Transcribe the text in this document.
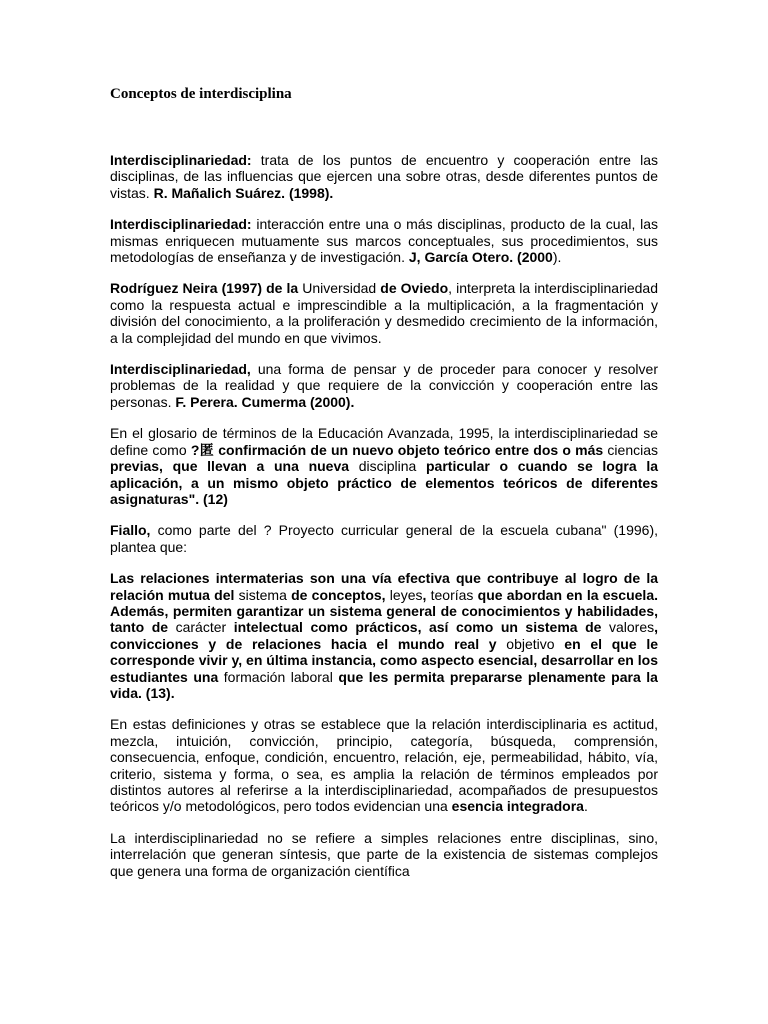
Conceptos de interdisciplina

Interdisciplinariedad: trata de los puntos de encuentro y cooperación entre las disciplinas, de las influencias que ejercen una sobre otras, desde diferentes puntos de vistas. R. Mañalich Suárez. (1998).

Interdisciplinariedad: interacción entre una o más disciplinas, producto de la cual, las mismas enriquecen mutuamente sus marcos conceptuales, sus procedimientos, sus metodologías de enseñanza y de investigación. J, García Otero. (2000).

Rodríguez Neira (1997) de la Universidad de Oviedo, interpreta la interdisciplinariedad como la respuesta actual e imprescindible a la multiplicación, a la fragmentación y división del conocimiento, a la proliferación y desmedido crecimiento de la información, a la complejidad del mundo en que vivimos.

Interdisciplinariedad, una forma de pensar y de proceder para conocer y resolver problemas de la realidad y que requiere de la convicción y cooperación entre las personas. F. Perera. Cumerma (2000).

En el glosario de términos de la Educación Avanzada, 1995, la interdisciplinariedad se define como ?匿 confirmación de un nuevo objeto teórico entre dos o más ciencias previas, que llevan a una nueva disciplina particular o cuando se logra la aplicación, a un mismo objeto práctico de elementos teóricos de diferentes asignaturas". (12)

Fiallo, como parte del ? Proyecto curricular general de la escuela cubana" (1996), plantea que:

Las relaciones intermaterias son una vía efectiva que contribuye al logro de la relación mutua del sistema de conceptos, leyes, teorías que abordan en la escuela. Además, permiten garantizar un sistema general de conocimientos y habilidades, tanto de carácter intelectual como prácticos, así como un sistema de valores, convicciones y de relaciones hacia el mundo real y objetivo en el que le corresponde vivir y, en última instancia, como aspecto esencial, desarrollar en los estudiantes una formación laboral que les permita prepararse plenamente para la vida. (13).

En estas definiciones y otras se establece que la relación interdisciplinaria es actitud, mezcla, intuición, convicción, principio, categoría, búsqueda, comprensión, consecuencia, enfoque, condición, encuentro, relación, eje, permeabilidad, hábito, vía, criterio, sistema y forma, o sea, es amplia la relación de términos empleados por distintos autores al referirse a la interdisciplinariedad, acompañados de presupuestos teóricos y/o metodológicos, pero todos evidencian una esencia integradora.

La interdisciplinariedad no se refiere a simples relaciones entre disciplinas, sino, interrelación que generan síntesis, que parte de la existencia de sistemas complejos que genera una forma de organización científica
